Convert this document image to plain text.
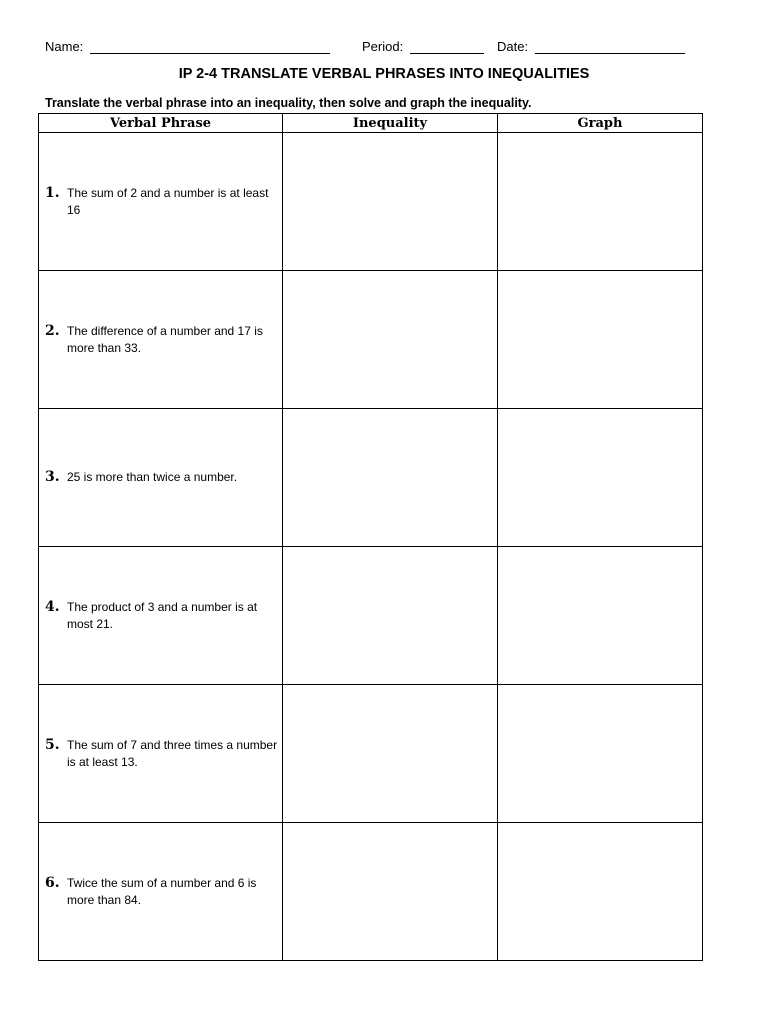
Name:	Period:	Date:
IP 2-4 TRANSLATE VERBAL PHRASES INTO INEQUALITIES
Translate the verbal phrase into an inequality, then solve and graph the inequality.
Verbal Phrase	Inequality	Graph

1. The sum of 2 and a number is at least 16		

2. The difference of a number and 17 is more than 33.		

3. 25 is more than twice a number.		

4. The product of 3 and a number is at most 21.		

5. The sum of 7 and three times a number is at least 13.		

6. Twice the sum of a number and 6 is more than 84.		
